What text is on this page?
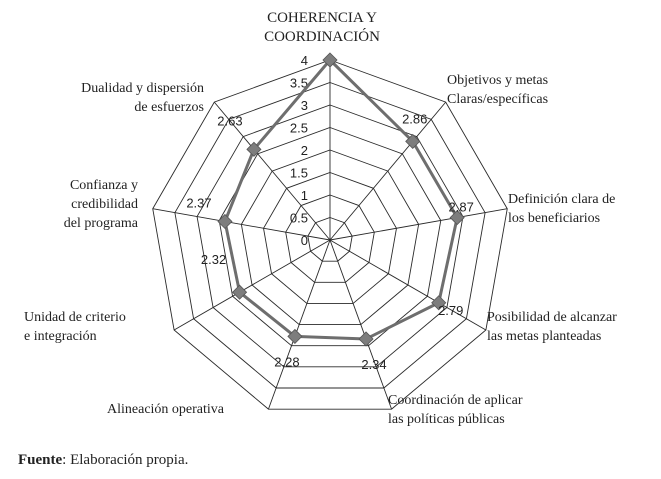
0
0.5
1
1.5
2
2.5
3
3.5
4
2.86
2.87
2.79
2.34
2.28
2.32
2.37
2.63
COHERENCIA Y COORDINACIÓN
Objetivos y metas Claras/específicas
Definición clara de los beneficiarios
Posibilidad de alcanzar las metas planteadas
Coordinación de aplicar las políticas públicas
Alineación operativa
Unidad de criterio e integración
Confianza y credibilidad del programa
Dualidad y dispersión de esfuerzos
Fuente: Elaboración propia.
